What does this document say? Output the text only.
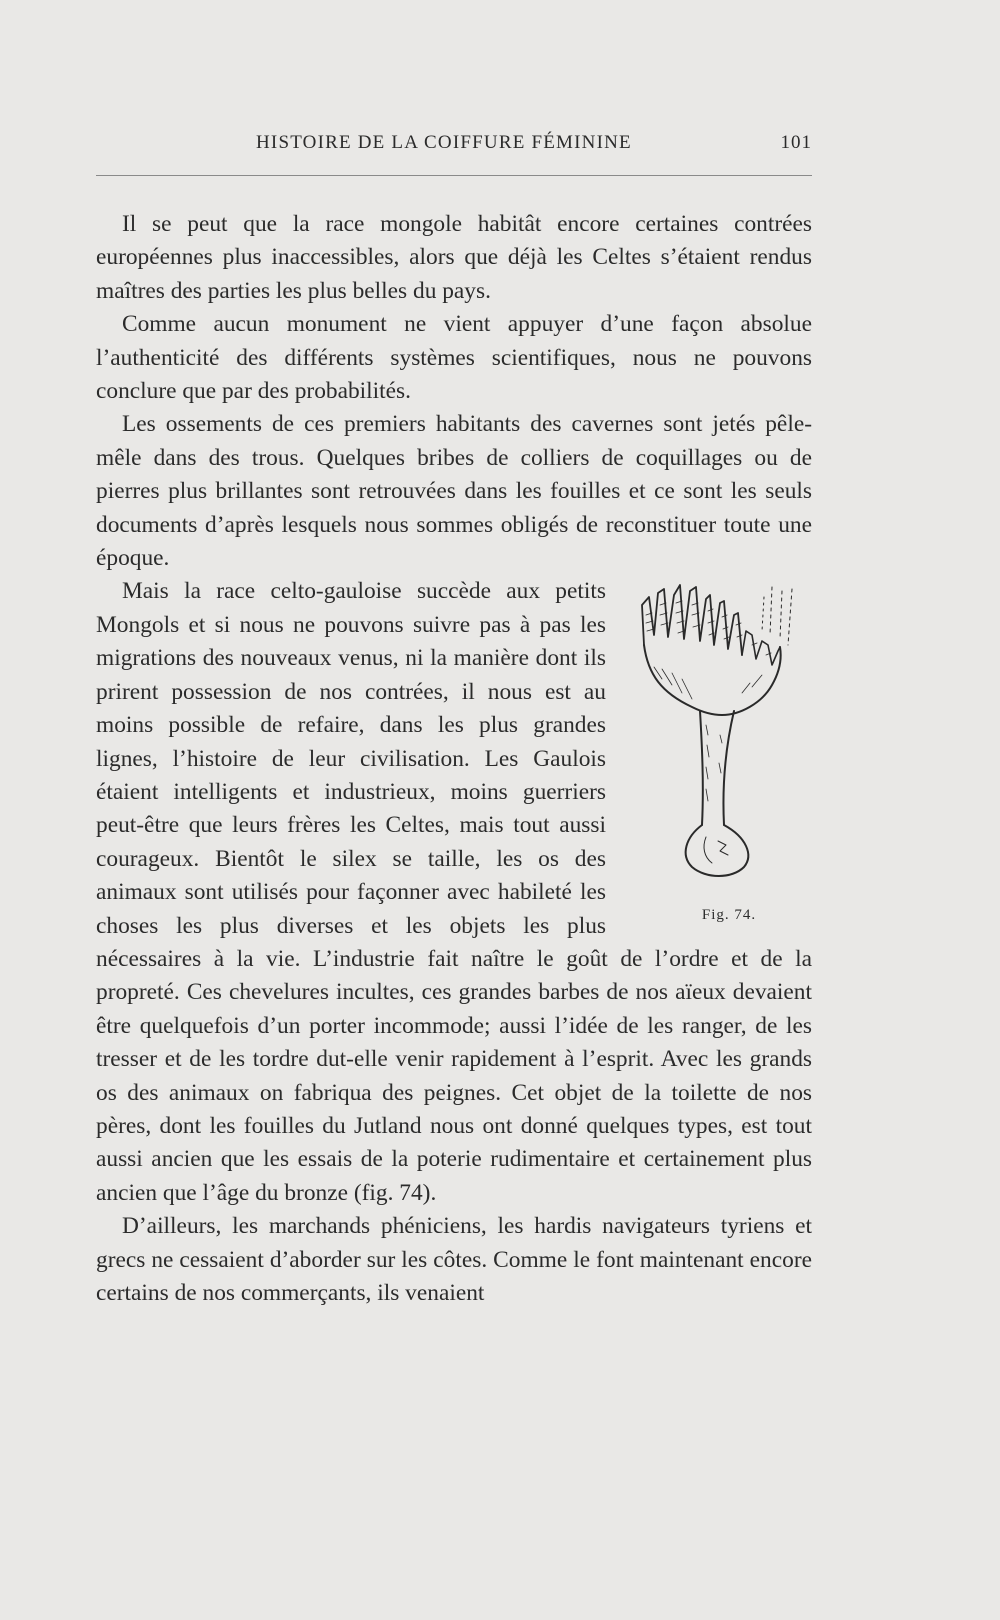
HISTOIRE DE LA COIFFURE FÉMININE	101

Il se peut que la race mongole habitât encore certaines contrées européennes plus inaccessibles, alors que déjà les Celtes s’étaient rendus maîtres des parties les plus belles du pays.

Comme aucun monument ne vient appuyer d’une façon absolue l’authenticité des différents systèmes scientifiques, nous ne pouvons conclure que par des probabilités.

Les ossements de ces premiers habitants des cavernes sont jetés pêle-mêle dans des trous. Quelques bribes de colliers de coquillages ou de pierres plus brillantes sont retrouvées dans les fouilles et ce sont les seuls documents d’après lesquels nous sommes obligés de reconstituer toute une époque.

Fig. 74.

Mais la race celto-gauloise succède aux petits Mongols et si nous ne pouvons suivre pas à pas les migrations des nouveaux venus, ni la manière dont ils prirent possession de nos contrées, il nous est au moins possible de refaire, dans les plus grandes lignes, l’histoire de leur civilisation. Les Gaulois étaient intelligents et industrieux, moins guerriers peut-être que leurs frères les Celtes, mais tout aussi courageux. Bientôt le silex se taille, les os des animaux sont utilisés pour façonner avec habileté les choses les plus diverses et les objets les plus nécessaires à la vie. L’industrie fait naître le goût de l’ordre et de la propreté. Ces chevelures incultes, ces grandes barbes de nos aïeux devaient être quelquefois d’un porter incommode; aussi l’idée de les ranger, de les tresser et de les tordre dut-elle venir rapidement à l’esprit. Avec les grands os des animaux on fabriqua des peignes. Cet objet de la toilette de nos pères, dont les fouilles du Jutland nous ont donné quelques types, est tout aussi ancien que les essais de la poterie rudimentaire et certainement plus ancien que l’âge du bronze (fig. 74).

D’ailleurs, les marchands phéniciens, les hardis navigateurs tyriens et grecs ne cessaient d’aborder sur les côtes. Comme le font maintenant encore certains de nos commerçants, ils venaient
